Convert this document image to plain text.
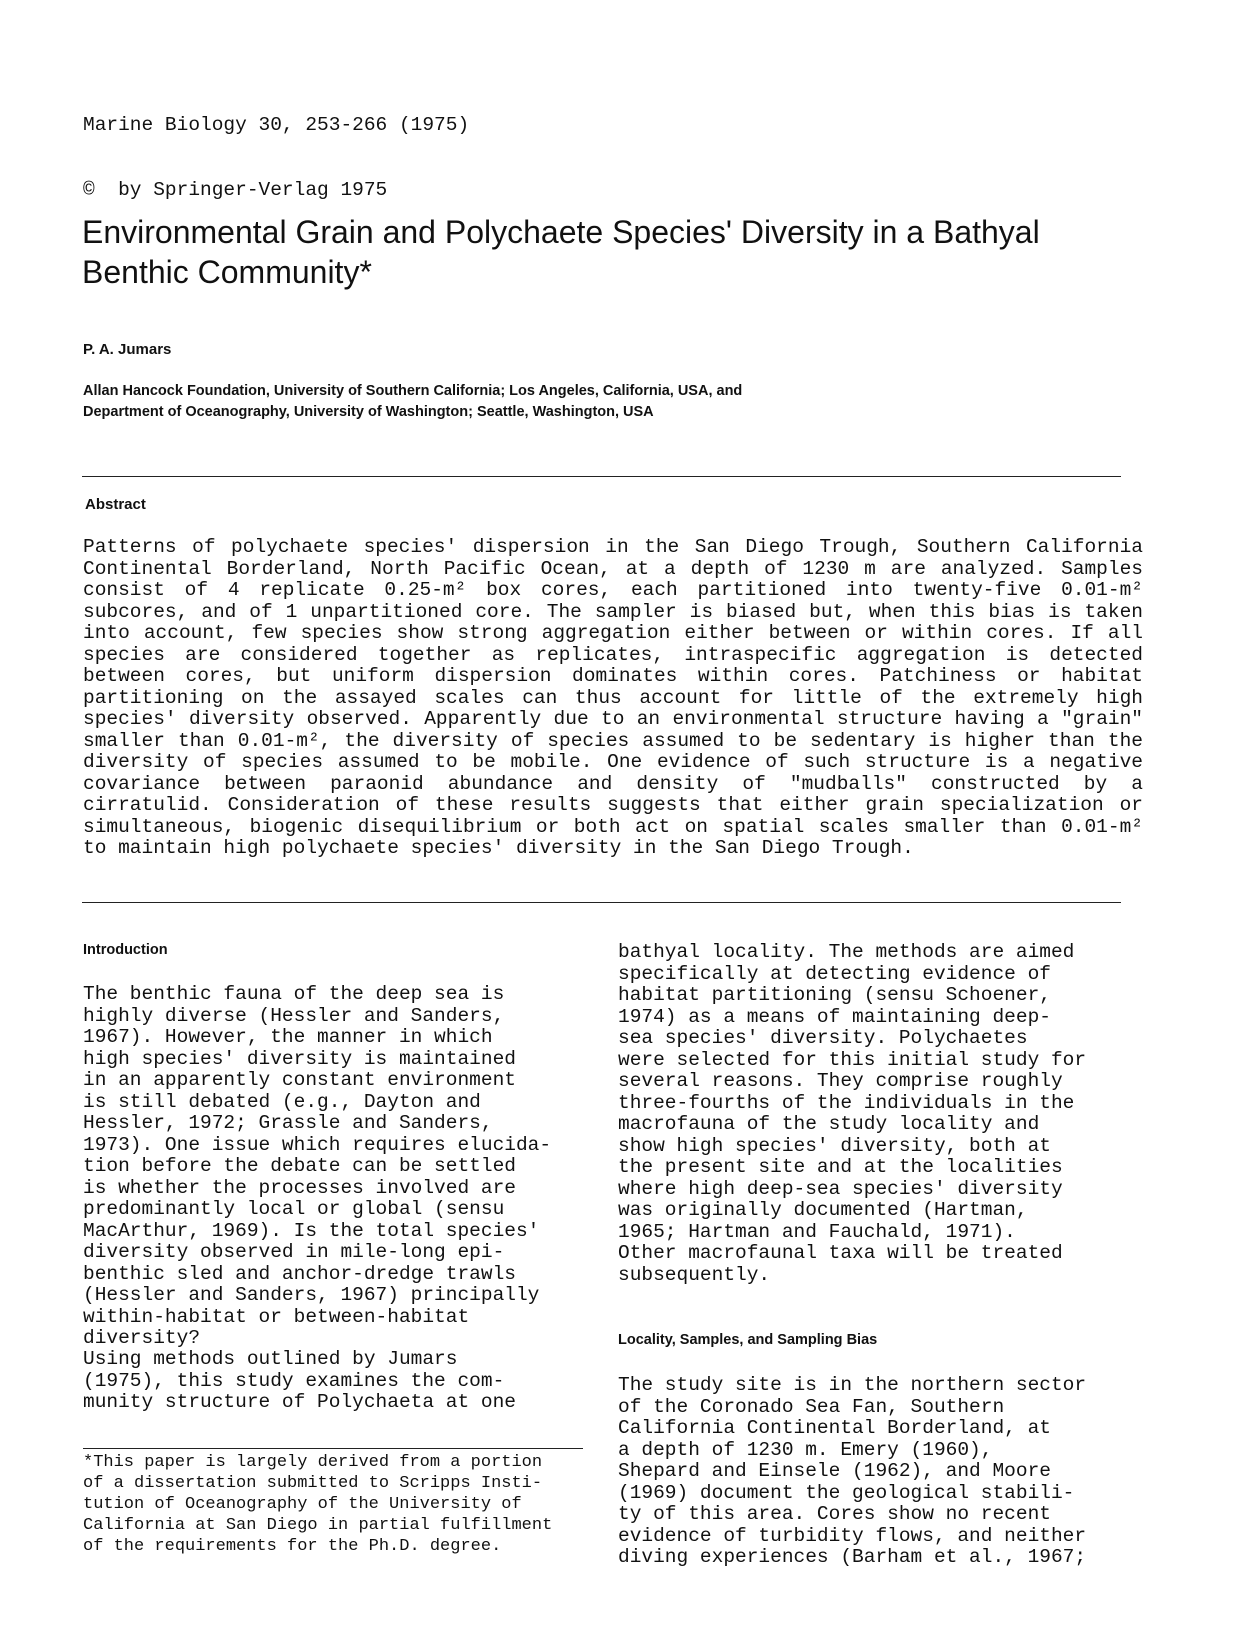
Marine Biology 30, 253-266 (1975)

©  by Springer-Verlag 1975

Environmental Grain and Polychaete Species' Diversity in a Bathyal Benthic Community*
P. A. Jumars
Allan Hancock Foundation, University of Southern California; Los Angeles, California, USA, and
Department of Oceanography, University of Washington; Seattle, Washington, USA
Abstract
Patterns of polychaete species' dispersion in the San Diego Trough, Southern California Continental Borderland, North Pacific Ocean, at a depth of 1230 m are analyzed. Samples consist of 4 replicate 0.25-m² box cores, each partitioned into twenty-five 0.01-m² subcores, and of 1 unpartitioned core. The sampler is biased but, when this bias is taken into account, few species show strong aggregation either between or within cores. If all species are considered together as replicates, intraspecific aggregation is detected between cores, but uniform dispersion dominates within cores. Patchiness or habitat partitioning on the assayed scales can thus account for little of the extremely high species' diversity observed. Apparently due to an environmental structure having a "grain" smaller than 0.01-m², the diversity of species assumed to be sedentary is higher than the diversity of species assumed to be mobile. One evidence of such structure is a negative covariance between paraonid abundance and density of "mudballs" constructed by a cirratulid. Consideration of these results suggests that either grain specialization or simultaneous, biogenic disequilibrium or both act on spatial scales smaller than 0.01-m² to maintain high polychaete species' diversity in the San Diego Trough.
Introduction
The benthic fauna of the deep sea is
highly diverse (Hessler and Sanders,
1967). However, the manner in which
high species' diversity is maintained
in an apparently constant environment
is still debated (e.g., Dayton and
Hessler, 1972; Grassle and Sanders,
1973). One issue which requires elucida-
tion before the debate can be settled
is whether the processes involved are
predominantly local or global (sensu
MacArthur, 1969). Is the total species'
diversity observed in mile-long epi-
benthic sled and anchor-dredge trawls
(Hessler and Sanders, 1967) principally
within-habitat or between-habitat
diversity?
Using methods outlined by Jumars
(1975), this study examines the com-
munity structure of Polychaeta at one
*This paper is largely derived from a portion
of a dissertation submitted to Scripps Insti-
tution of Oceanography of the University of
California at San Diego in partial fulfillment
of the requirements for the Ph.D. degree.
bathyal locality. The methods are aimed
specifically at detecting evidence of
habitat partitioning (sensu Schoener,
1974) as a means of maintaining deep-
sea species' diversity. Polychaetes
were selected for this initial study for
several reasons. They comprise roughly
three-fourths of the individuals in the
macrofauna of the study locality and
show high species' diversity, both at
the present site and at the localities
where high deep-sea species' diversity
was originally documented (Hartman,
1965; Hartman and Fauchald, 1971).
Other macrofaunal taxa will be treated
subsequently.
Locality, Samples, and Sampling Bias
The study site is in the northern sector
of the Coronado Sea Fan, Southern
California Continental Borderland, at
a depth of 1230 m. Emery (1960),
Shepard and Einsele (1962), and Moore
(1969) document the geological stabili-
ty of this area. Cores show no recent
evidence of turbidity flows, and neither
diving experiences (Barham et al., 1967;
